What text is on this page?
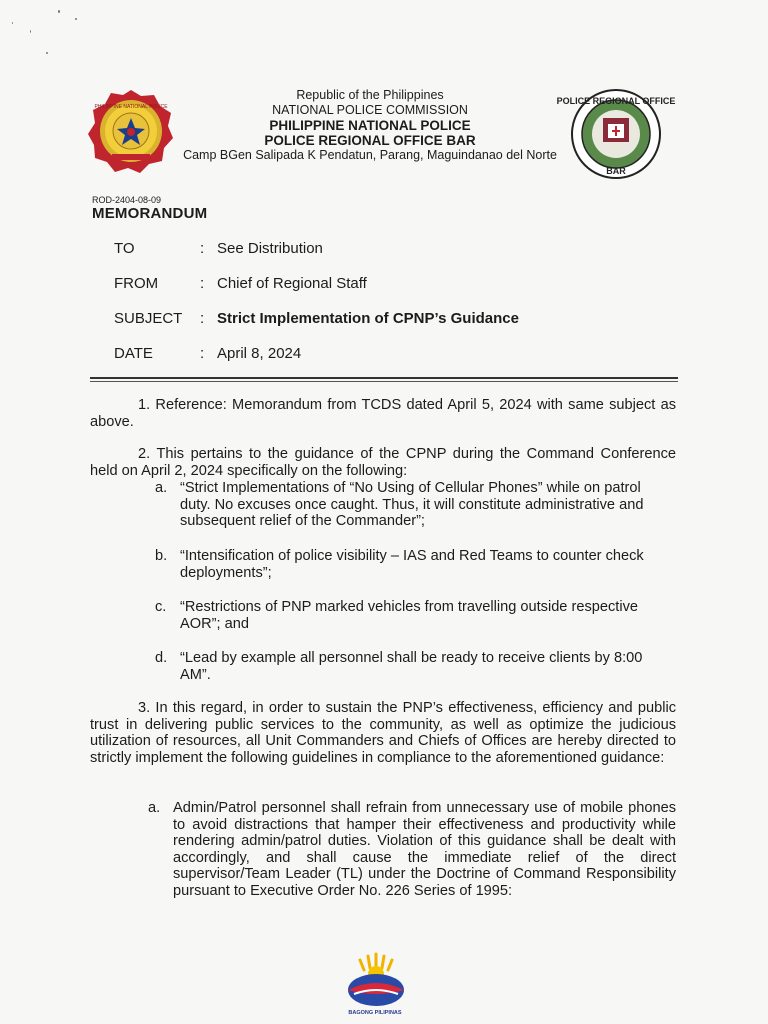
PHILIPPINE NATIONAL POLICE
Republic of the Philippines
NATIONAL POLICE COMMISSION
PHILIPPINE NATIONAL POLICE
POLICE REGIONAL OFFICE BAR
Camp BGen Salipada K Pendatun, Parang, Maguindanao del Norte
POLICE REGIONAL OFFICE
BAR
ROD-2404-08-09
MEMORANDUM
TO	: See Distribution
FROM	: Chief of Regional Staff
SUBJECT : Strict Implementation of CPNP’s Guidance
DATE	: April 8, 2024
1. Reference: Memorandum from TCDS dated April 5, 2024 with same subject as above.
2. This pertains to the guidance of the CPNP during the Command Conference held on April 2, 2024 specifically on the following:
a. “Strict Implementations of “No Using of Cellular Phones” while on patrol duty. No excuses once caught. Thus, it will constitute administrative and subsequent relief of the Commander”;
b. “Intensification of police visibility – IAS and Red Teams to counter check deployments”;
c. “Restrictions of PNP marked vehicles from travelling outside respective AOR”; and
d. “Lead by example all personnel shall be ready to receive clients by 8:00 AM”.
3. In this regard, in order to sustain the PNP’s effectiveness, efficiency and public trust in delivering public services to the community, as well as optimize the judicious utilization of resources, all Unit Commanders and Chiefs of Offices are hereby directed to strictly implement the following guidelines in compliance to the aforementioned guidance:
a. Admin/Patrol personnel shall refrain from unnecessary use of mobile phones to avoid distractions that hamper their effectiveness and productivity while rendering admin/patrol duties. Violation of this guidance shall be dealt with accordingly, and shall cause the immediate relief of the direct supervisor/Team Leader (TL) under the Doctrine of Command Responsibility pursuant to Executive Order No. 226 Series of 1995:
BAGONG PILIPINAS
